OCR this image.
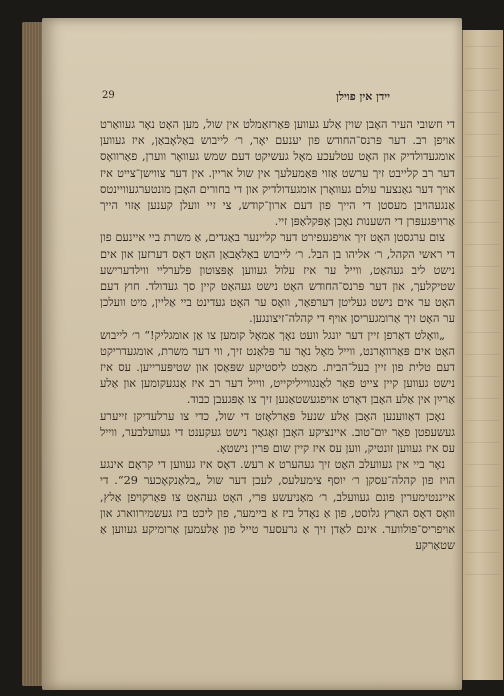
29	יידן אין פוילן

די חשובי העיר האָבן שוין אַלע געווען פּאַרזאַמלט אין שול, מען האָט נאָר געוואַרט אויפן רב. דער פּרנס־החודש פון יענעם יאָר, ר׳ לייבוש באַלאָבאַן, איז געווען אומגעדולדיק און האָט עטלעכע מאָל געשיקט דעם שמש געוואָר ווערן, פאַרוואָס דער רב קלייבט זיך ערשט אַזוי פּאַמעלעך אין שול אריין. אין דער צווישן־צייט איז אויך דער גאַנצער עולם געוואָרן אומגעדולדיק און די בחורים האָבן מונטערגעוויינטס אַנגעהויבן מעסטן די הייך פון דעם ארון־קודש, צי זיי וועלן קענען אַזוי הייך אַרויפּגעפּרן די השענות נאָכן אָפּקלאַפּן זיי.

צום ערגסטן האָט זיך אויפגעפירט דער קליינער באַגדים, אַ משרת ביי איינעם פון די ראשי הקהל, ר׳ אליהו בן הבל. ר׳ לייבוש באַלאָבאַן האָט דאָס דערזען און אים נישט ליב געהאַט, ווייל ער איז עלול געווען אָפּצוטון פּלערליי ווילדערישע שטיקלעך, און דער פּרנס־החודש האָט נישט געהאַט קיין סך געדולד. חוץ דעם האָט ער אים נישט געליטן דערפאַר, וואָס ער האָט געדינט ביי אַליין, מיט וועלכן ער האָט זיך אַרומגעריסן אויף די קהלה־זיצונגען.

„וואָלט דאַרפן זיין דער יונגל וועט נאָך אַמאָל קומען צו אַן אומגליק!“ ר׳ לייבוש האָט אים פּאַרוואָרנט, ווייל מאָל נאָר ער פּלאַנט זיך, ווי דער משרת, אומגעדריקט דעם טלית פון זיין בעל־הבית. מאַכט ליסטיקע שפּאַסן און שטיפּערייען. עס איז נישט געווען קיין צייט פאַר לאַנגווייליקייט, ווייל דער רב איז אַנגעקומען און אַלע אַרײַן אין אַלע האָבן דאָרט אויפגעשטאַנען זיך צו אָפּגעבן כבוד.

נאָכן דאַווענען האָבן אַלע שנעל פּאַרלאָזט די שול, כדי צו ערלעדיקן זייערע געשעפטן פאַר יום־טוב. איינציקע האָבן זאָגאַר נישט געקענט די געוועלבער, ווייל עס איז געווען זונטיק, ווען עס איז קיין שום פּרין נישטאָ.

נאָר ביי אין געוועלב האָט זיך געהערט א רעש. דאָס איז געווען די קראָם אינגע הויז פון קהלה־עסקן ר׳ יוסף צימעלעס, לעבן דער שול „בלאַנקאָכער 29“. די אייגנטימערין פונם געוועלב, ר׳ מאַניעשע פּרי, האָט געהאַט צו פּאַרקויפן אַלץ, וואָס דאָס האַרץ גלוסט, פון אַ נאָדל ביז אַ ביימער, פון ליכט ביז געשמירווארג און אויפריס־פּולווער. אינם לאַדן זיך אַ גרעסער טייל פון אַלעמען אַרומיקע געווען אַ שטאַרקע
